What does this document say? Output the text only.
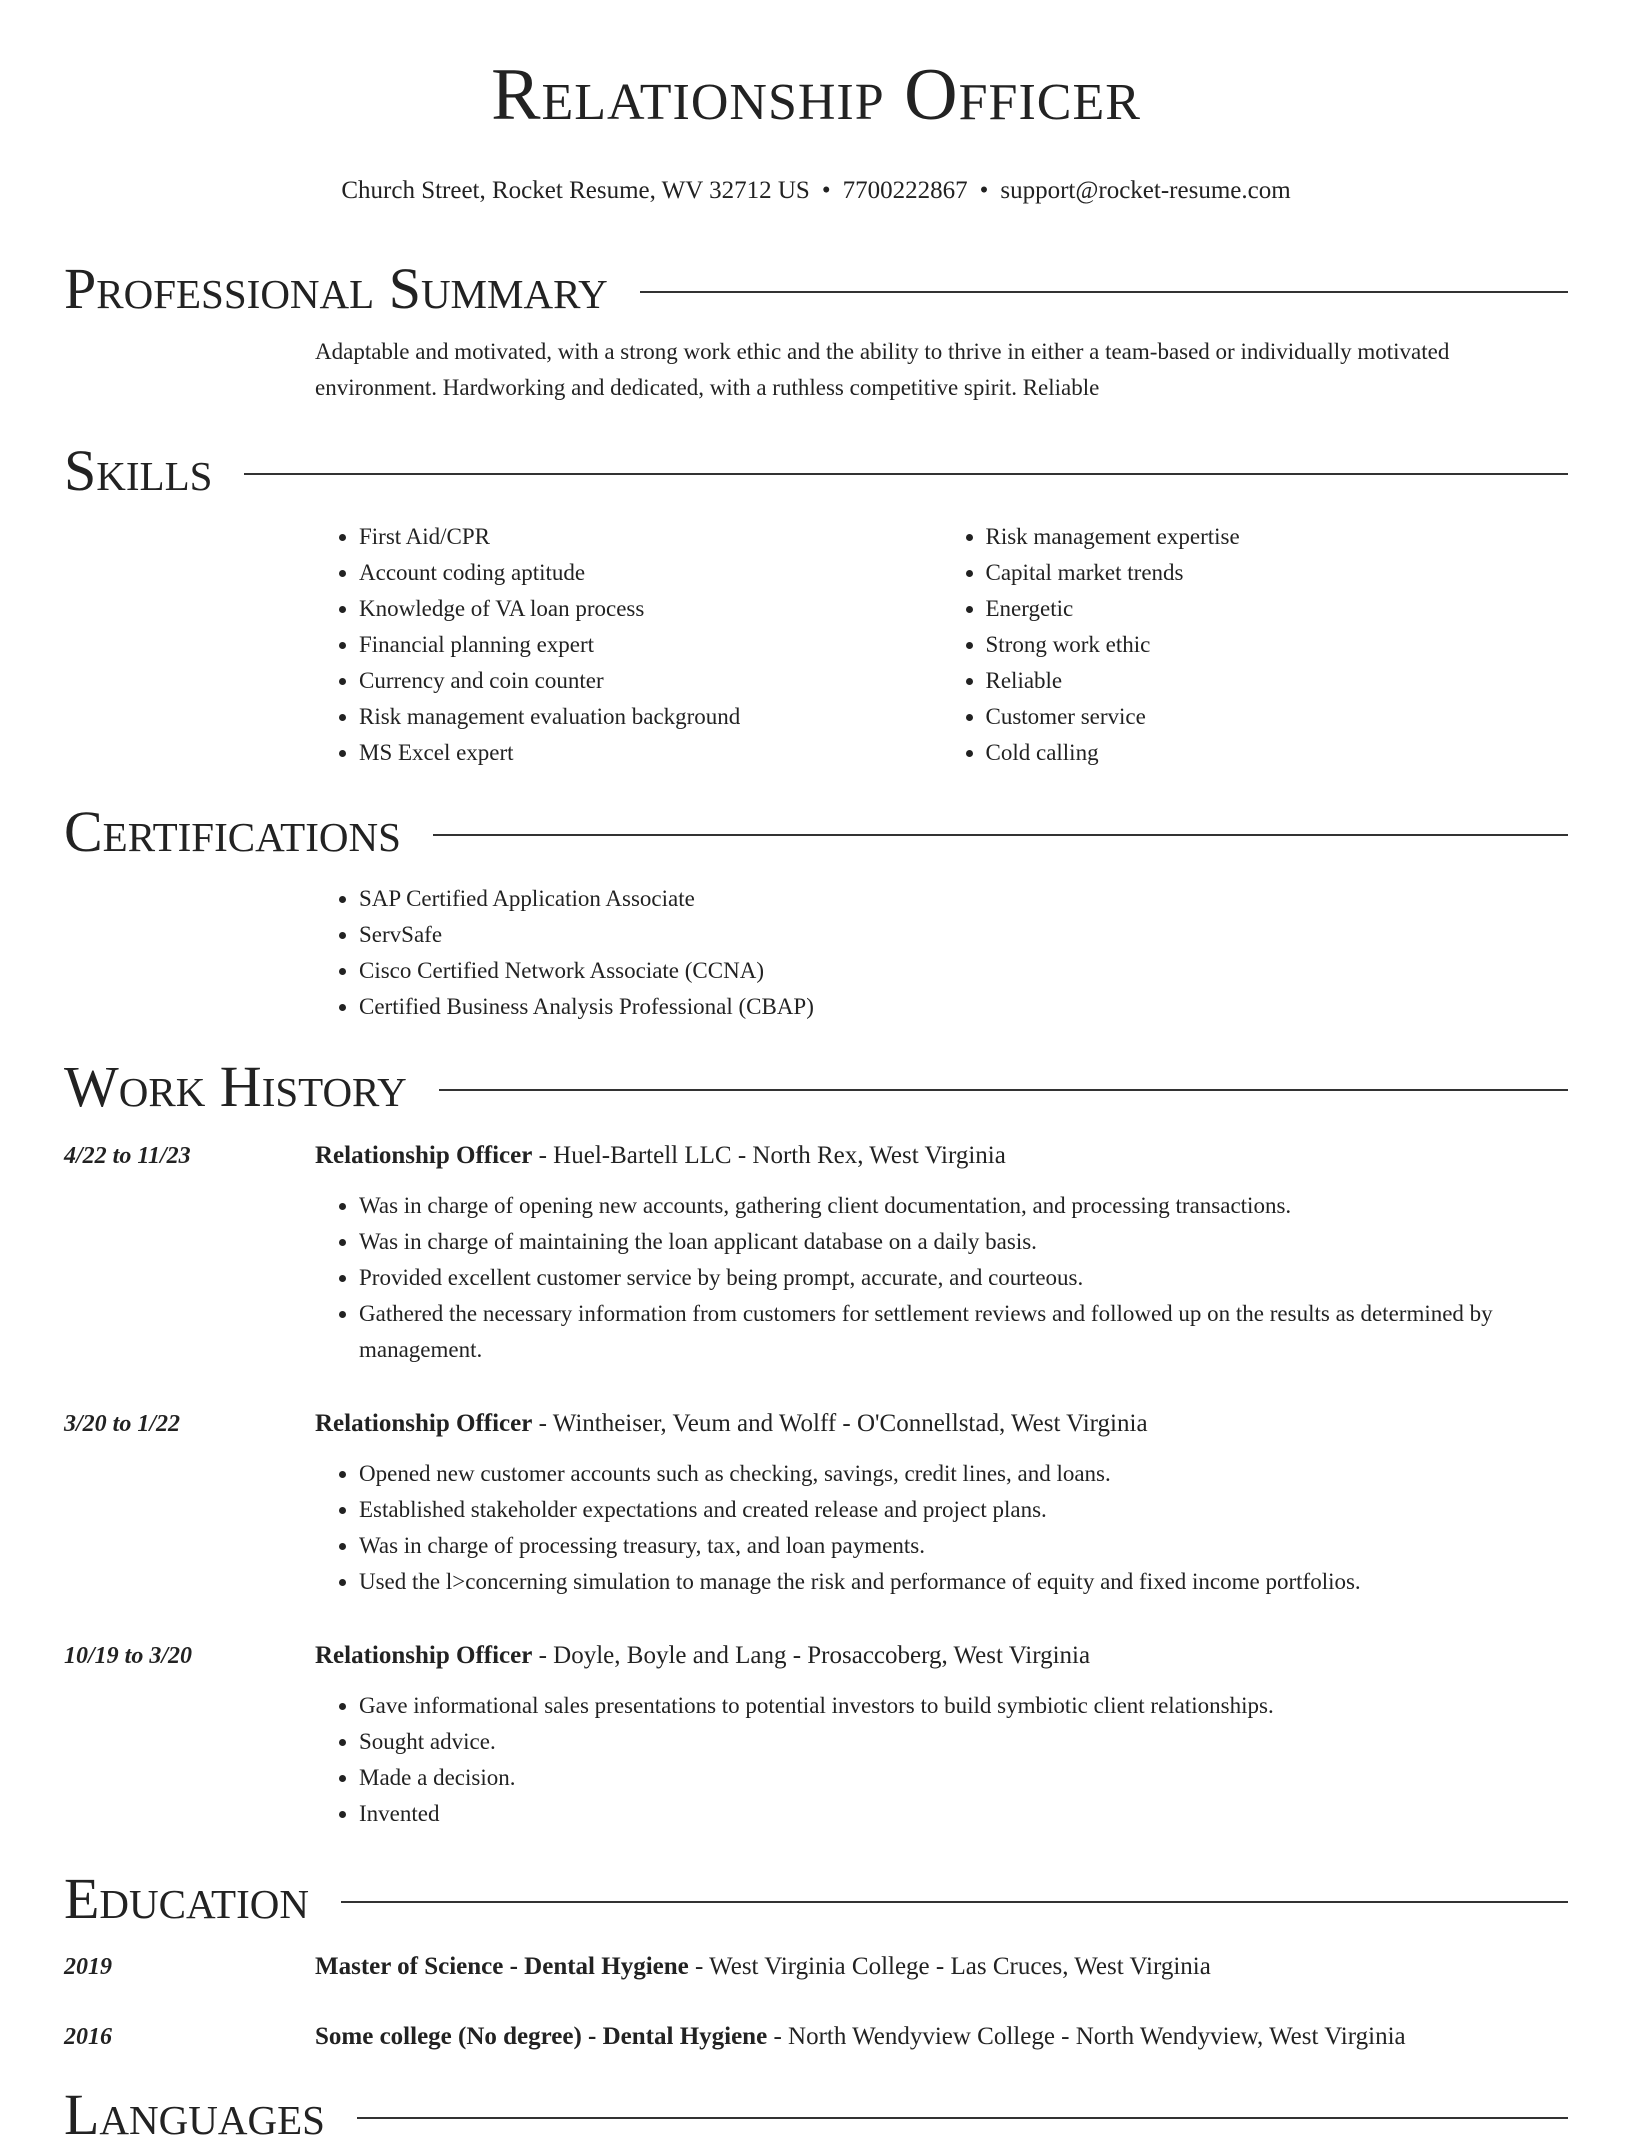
Relationship Officer
Church Street, Rocket Resume, WV 32712 US • 7700222867 • support@rocket-resume.com
Professional Summary
Adaptable and motivated, with a strong work ethic and the ability to thrive in either a team-based or individually motivated environment. Hardworking and dedicated, with a ruthless competitive spirit. Reliable
Skills
• First Aid/CPR
• Account coding aptitude
• Knowledge of VA loan process
• Financial planning expert
• Currency and coin counter
• Risk management evaluation background
• MS Excel expert
• Risk management expertise
• Capital market trends
• Energetic
• Strong work ethic
• Reliable
• Customer service
• Cold calling
Certifications
• SAP Certified Application Associate
• ServSafe
• Cisco Certified Network Associate (CCNA)
• Certified Business Analysis Professional (CBAP)
Work History
4/22 to 11/23	Relationship Officer - Huel-Bartell LLC - North Rex, West Virginia
• Was in charge of opening new accounts, gathering client documentation, and processing transactions.
• Was in charge of maintaining the loan applicant database on a daily basis.
• Provided excellent customer service by being prompt, accurate, and courteous.
• Gathered the necessary information from customers for settlement reviews and followed up on the results as determined by management.
3/20 to 1/22	Relationship Officer - Wintheiser, Veum and Wolff - O'Connellstad, West Virginia
• Opened new customer accounts such as checking, savings, credit lines, and loans.
• Established stakeholder expectations and created release and project plans.
• Was in charge of processing treasury, tax, and loan payments.
• Used the l>concerning simulation to manage the risk and performance of equity and fixed income portfolios.
10/19 to 3/20	Relationship Officer - Doyle, Boyle and Lang - Prosaccoberg, West Virginia
• Gave informational sales presentations to potential investors to build symbiotic client relationships.
• Sought advice.
• Made a decision.
• Invented
Education
2019	Master of Science - Dental Hygiene - West Virginia College - Las Cruces, West Virginia
2016	Some college (No degree) - Dental Hygiene - North Wendyview College - North Wendyview, West Virginia
Languages
